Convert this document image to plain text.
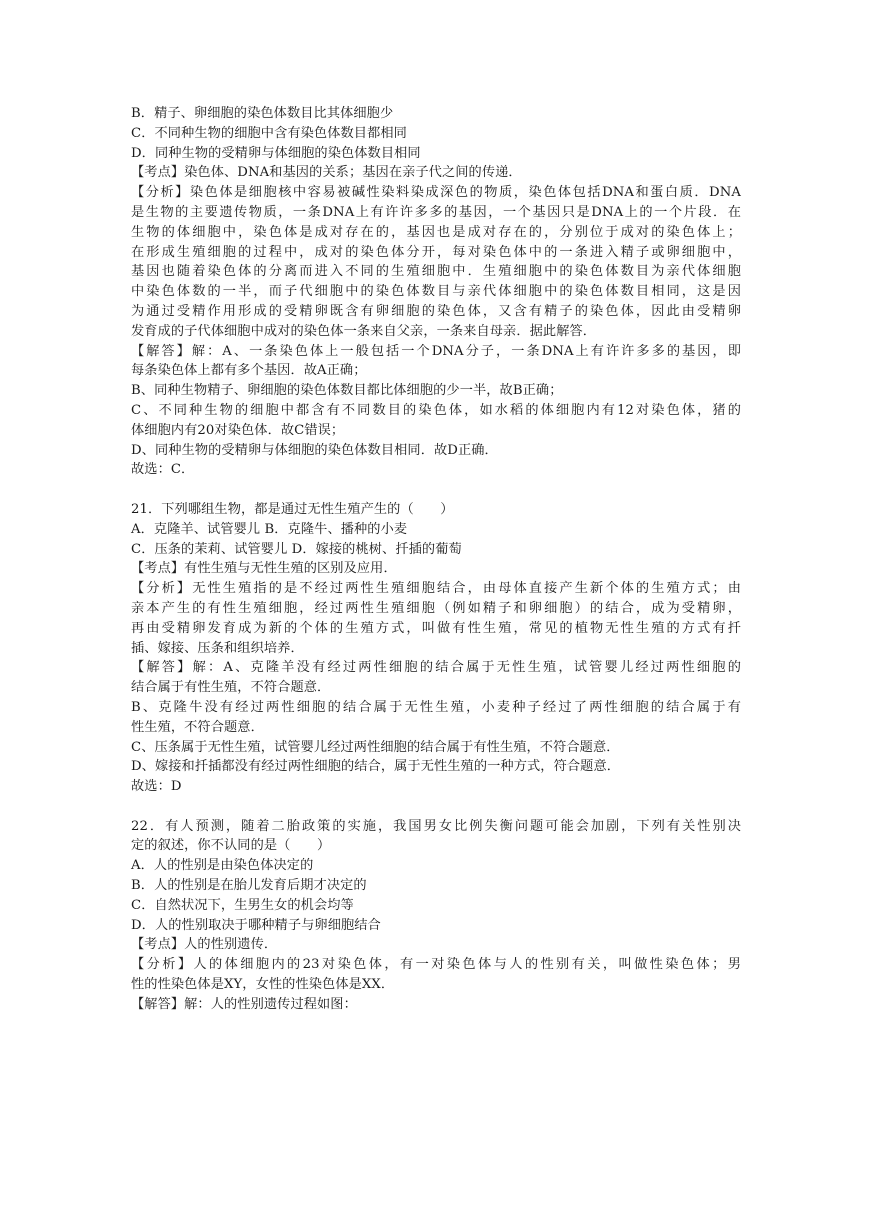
B．精子、卵细胞的染色体数目比其体细胞少
C．不同种生物的细胞中含有染色体数目都相同
D．同种生物的受精卵与体细胞的染色体数目相同
【考点】染色体、DNA和基因的关系；基因在亲子代之间的传递．
【分析】染色体是细胞核中容易被碱性染料染成深色的物质，染色体包括DNA和蛋白质．DNA
是生物的主要遗传物质，一条DNA上有许许多多的基因，一个基因只是DNA上的一个片段．在
生物的体细胞中，染色体是成对存在的，基因也是成对存在的，分别位于成对的染色体上；
在形成生殖细胞的过程中，成对的染色体分开，每对染色体中的一条进入精子或卵细胞中，
基因也随着染色体的分离而进入不同的生殖细胞中．生殖细胞中的染色体数目为亲代体细胞
中染色体数的一半，而子代细胞中的染色体数目与亲代体细胞中的染色体数目相同，这是因
为通过受精作用形成的受精卵既含有卵细胞的染色体，又含有精子的染色体，因此由受精卵
发育成的子代体细胞中成对的染色体一条来自父亲，一条来自母亲．据此解答．
【解答】解：A、一条染色体上一般包括一个DNA分子，一条DNA上有许许多多的基因，即
每条染色体上都有多个基因．故A正确；
B、同种生物精子、卵细胞的染色体数目都比体细胞的少一半，故B正确；
C、不同种生物的细胞中都含有不同数目的染色体，如水稻的体细胞内有12对染色体，猪的
体细胞内有20对染色体．故C错误；
D、同种生物的受精卵与体细胞的染色体数目相同．故D正确．
故选：C．
21．下列哪组生物，都是通过无性生殖产生的（　　）
A．克隆羊、试管婴儿 B．克隆牛、播种的小麦
C．压条的茉莉、试管婴儿 D．嫁接的桃树、扦插的葡萄
【考点】有性生殖与无性生殖的区别及应用．
【分析】无性生殖指的是不经过两性生殖细胞结合，由母体直接产生新个体的生殖方式；由
亲本产生的有性生殖细胞，经过两性生殖细胞（例如精子和卵细胞）的结合，成为受精卵，
再由受精卵发育成为新的个体的生殖方式，叫做有性生殖，常见的植物无性生殖的方式有扦
插、嫁接、压条和组织培养．
【解答】解：A、克隆羊没有经过两性细胞的结合属于无性生殖，试管婴儿经过两性细胞的
结合属于有性生殖，不符合题意．
B、克隆牛没有经过两性细胞的结合属于无性生殖，小麦种子经过了两性细胞的结合属于有
性生殖，不符合题意．
C、压条属于无性生殖，试管婴儿经过两性细胞的结合属于有性生殖，不符合题意．
D、嫁接和扦插都没有经过两性细胞的结合，属于无性生殖的一种方式，符合题意．
故选：D
22．有人预测，随着二胎政策的实施，我国男女比例失衡问题可能会加剧，下列有关性别决
定的叙述，你不认同的是（　　）
A．人的性别是由染色体决定的
B．人的性别是在胎儿发育后期才决定的
C．自然状况下，生男生女的机会均等
D．人的性别取决于哪种精子与卵细胞结合
【考点】人的性别遗传．
【分析】人的体细胞内的23对染色体，有一对染色体与人的性别有关，叫做性染色体；男
性的性染色体是XY，女性的性染色体是XX．
【解答】解：人的性别遗传过程如图：
